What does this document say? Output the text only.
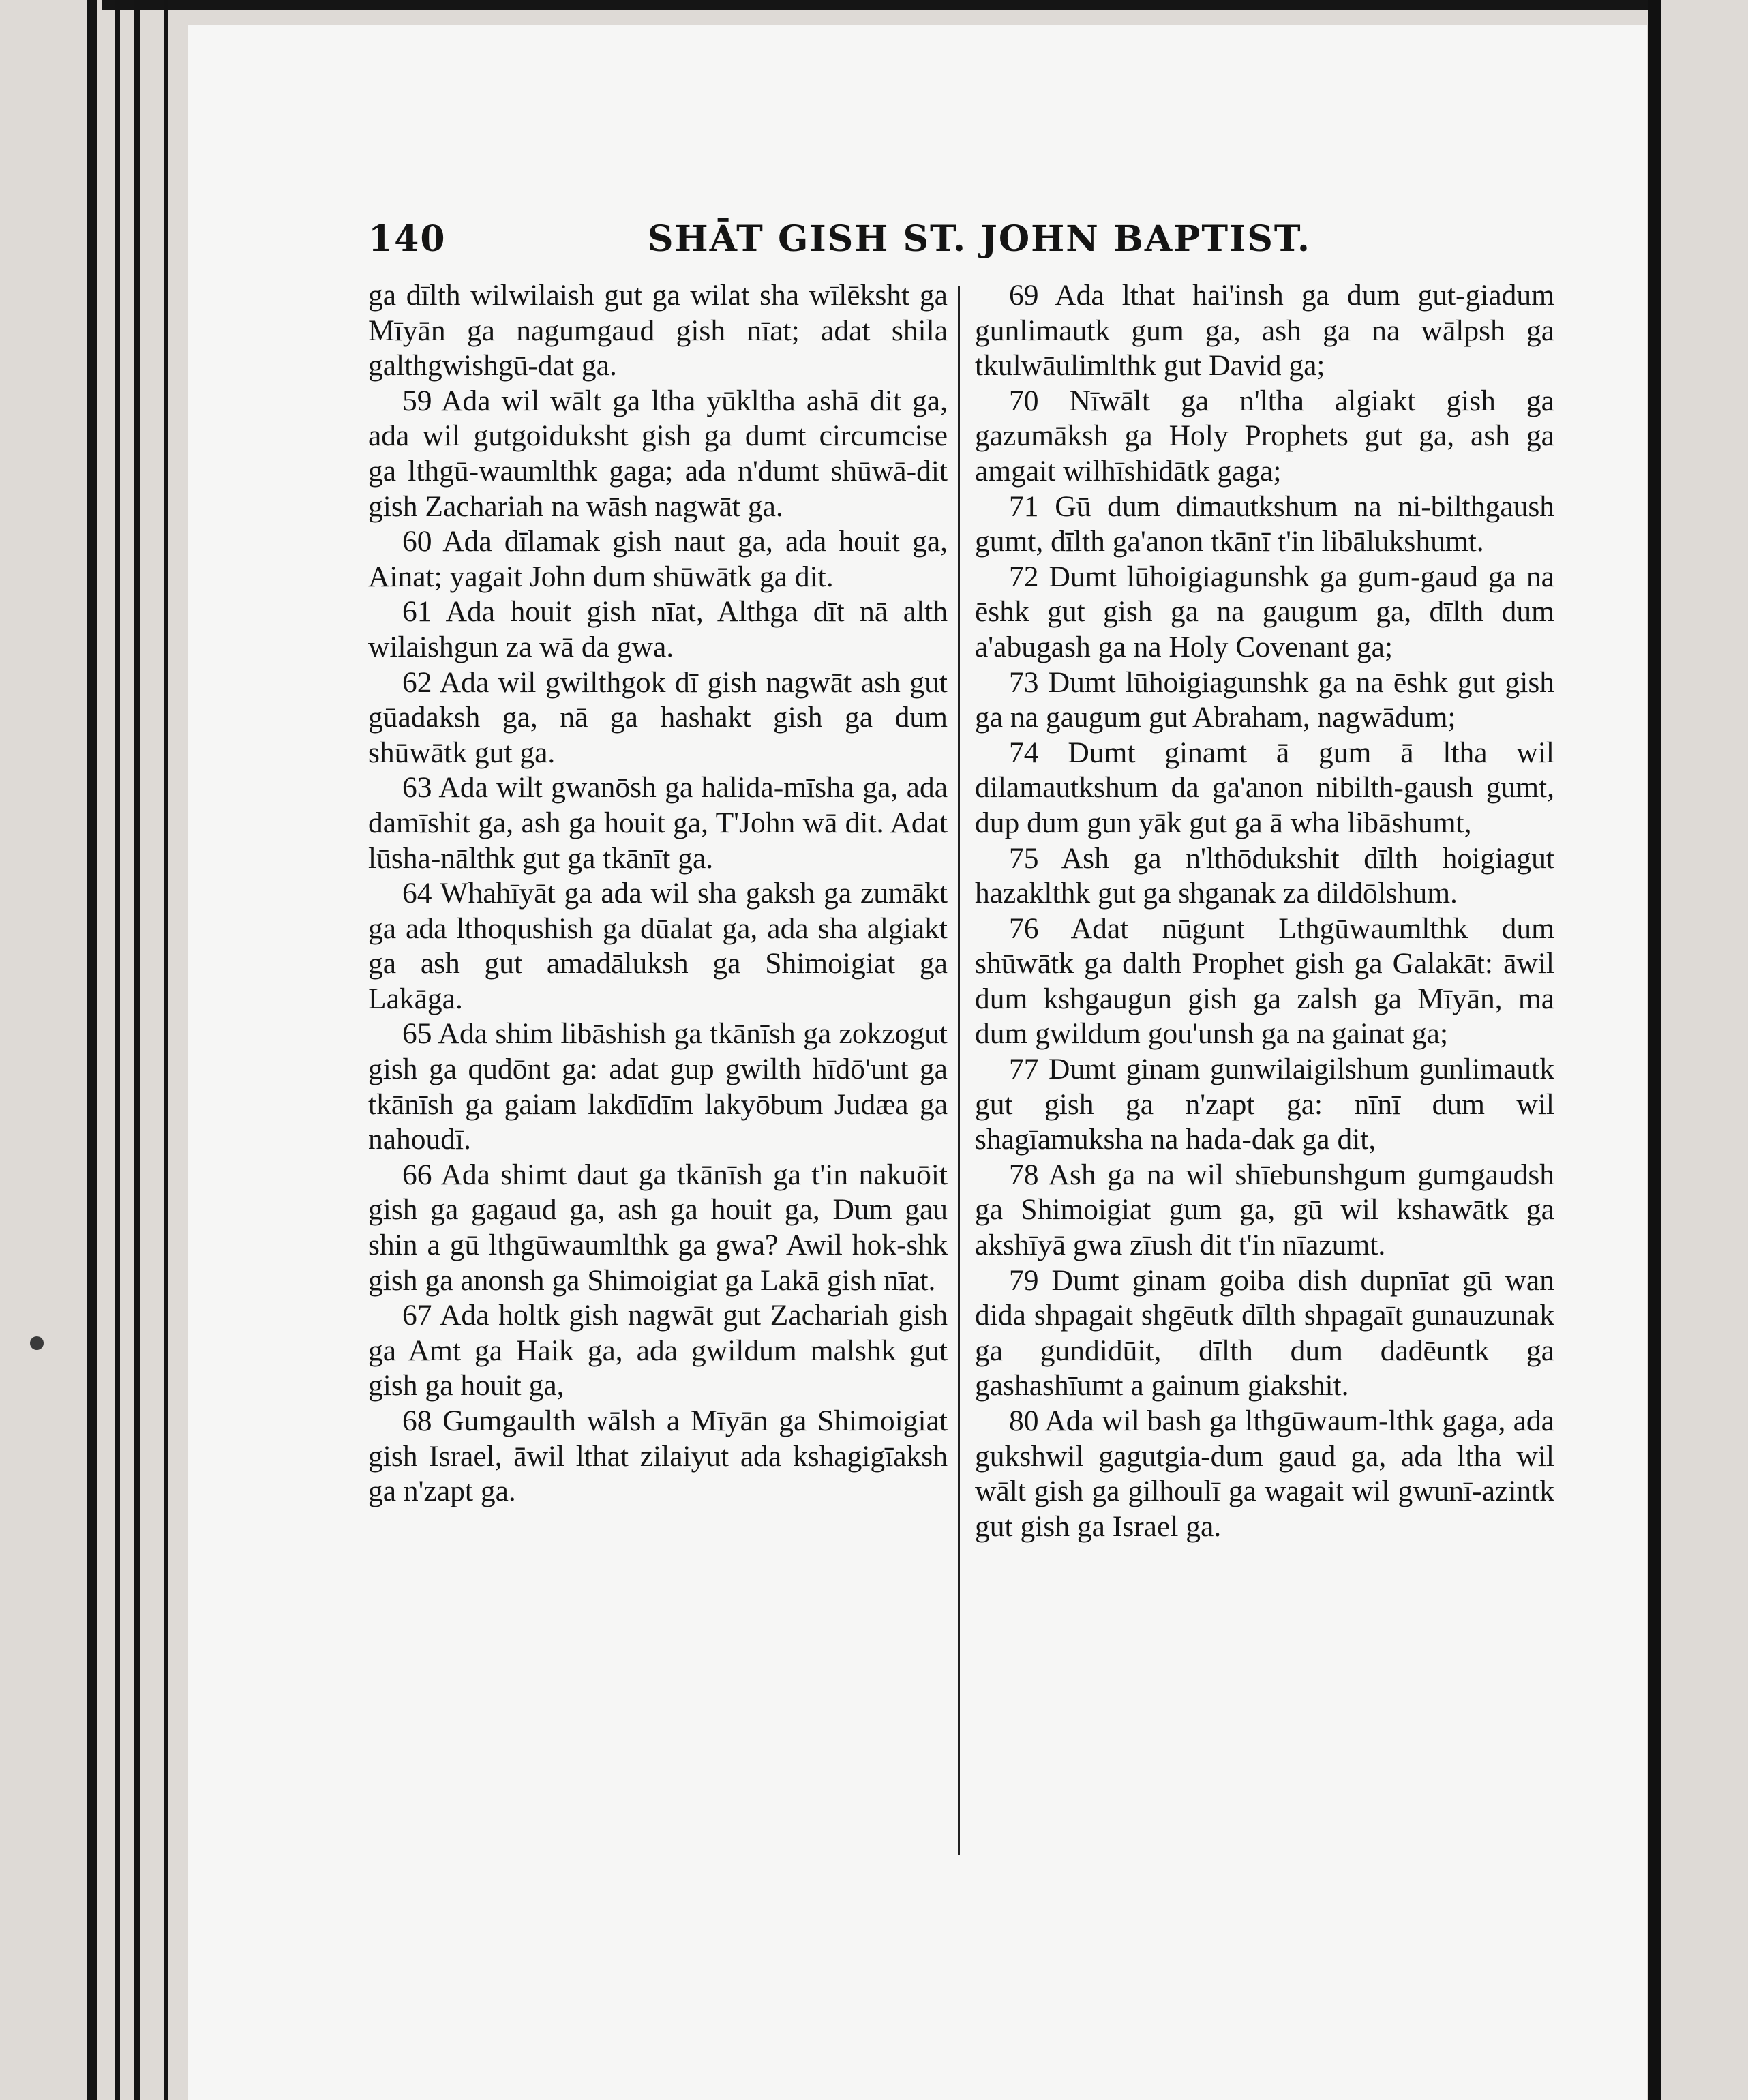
140	SHĀT GISH ST. JOHN BAPTIST.

ga dīlth wilwilaish gut ga wilat sha wīlēksht ga Mīyān ga nagumgaud gish nīat; adat shila galthgwishgū-dat ga.

59 Ada wil wālt ga ltha yūkltha ashā dit ga, ada wil gutgoiduksht gish ga dumt circumcise ga lthgū-waumlthk gaga; ada n'dumt shūwā-dit gish Zachariah na wāsh nagwāt ga.

60 Ada dīlamak gish naut ga, ada houit ga, Ainat; yagait John dum shūwātk ga dit.

61 Ada houit gish nīat, Althga dīt nā alth wilaishgun za wā da gwa.

62 Ada wil gwilthgok dī gish nagwāt ash gut gūadaksh ga, nā ga hashakt gish ga dum shūwātk gut ga.

63 Ada wilt gwanōsh ga halida-mīsha ga, ada damīshit ga, ash ga houit ga, T'John wā dit. Adat lūsha-nālthk gut ga tkānīt ga.

64 Whahīyāt ga ada wil sha gaksh ga zumākt ga ada lthoqushish ga dūalat ga, ada sha algiakt ga ash gut amadāluksh ga Shimoigiat ga Lakāga.

65 Ada shim libāshish ga tkānīsh ga zokzogut gish ga qudōnt ga: adat gup gwilth hīdō'unt ga tkānīsh ga gaiam lakdīdīm lakyōbum Judæa ga nahoudī.

66 Ada shimt daut ga tkānīsh ga t'in nakuōit gish ga gagaud ga, ash ga houit ga, Dum gau shin a gū lthgūwaumlthk ga gwa? Awil hok-shk gish ga anonsh ga Shimoigiat ga Lakā gish nīat.

67 Ada holtk gish nagwāt gut Zachariah gish ga Amt ga Haik ga, ada gwildum malshk gut gish ga houit ga,

68 Gumgaulth wālsh a Mīyān ga Shimoigiat gish Israel, āwil lthat zilaiyut ada kshagigīaksh ga n'zapt ga.

69 Ada lthat hai'insh ga dum gut-giadum gunlimautk gum ga, ash ga na wālpsh ga tkulwāulimlthk gut David ga;

70 Nīwālt ga n'ltha algiakt gish ga gazumāksh ga Holy Prophets gut ga, ash ga amgait wilhīshidātk gaga;

71 Gū dum dimautkshum na ni-bilthgaush gumt, dīlth ga'anon tkānī t'in libālukshumt.

72 Dumt lūhoigiagunshk ga gum-gaud ga na ēshk gut gish ga na gaugum ga, dīlth dum a'abugash ga na Holy Covenant ga;

73 Dumt lūhoigiagunshk ga na ēshk gut gish ga na gaugum gut Abraham, nagwādum;

74 Dumt ginamt ā gum ā ltha wil dilamautkshum da ga'anon nibilth-gaush gumt, dup dum gun yāk gut ga ā wha libāshumt,

75 Ash ga n'lthōdukshit dīlth hoigiagut hazaklthk gut ga shganak za dildōlshum.

76 Adat nūgunt Lthgūwaumlthk dum shūwātk ga dalth Prophet gish ga Galakāt: āwil dum kshgaugun gish ga zalsh ga Mīyān, ma dum gwildum gou'unsh ga na gainat ga;

77 Dumt ginam gunwilaigilshum gunlimautk gut gish ga n'zapt ga: nīnī dum wil shagīamuksha na hada-dak ga dit,

78 Ash ga na wil shīebunshgum gumgaudsh ga Shimoigiat gum ga, gū wil kshawātk ga akshīyā gwa zīush dit t'in nīazumt.

79 Dumt ginam goiba dish dupnīat gū wan dida shpagait shgēutk dīlth shpagaīt gunauzunak ga gundidūit, dīlth dum dadēuntk ga gashashīumt a gainum giakshit.

80 Ada wil bash ga lthgūwaum-lthk gaga, ada gukshwil gagutgia-dum gaud ga, ada ltha wil wālt gish ga gilhoulī ga wagait wil gwunī-azintk gut gish ga Israel ga.
